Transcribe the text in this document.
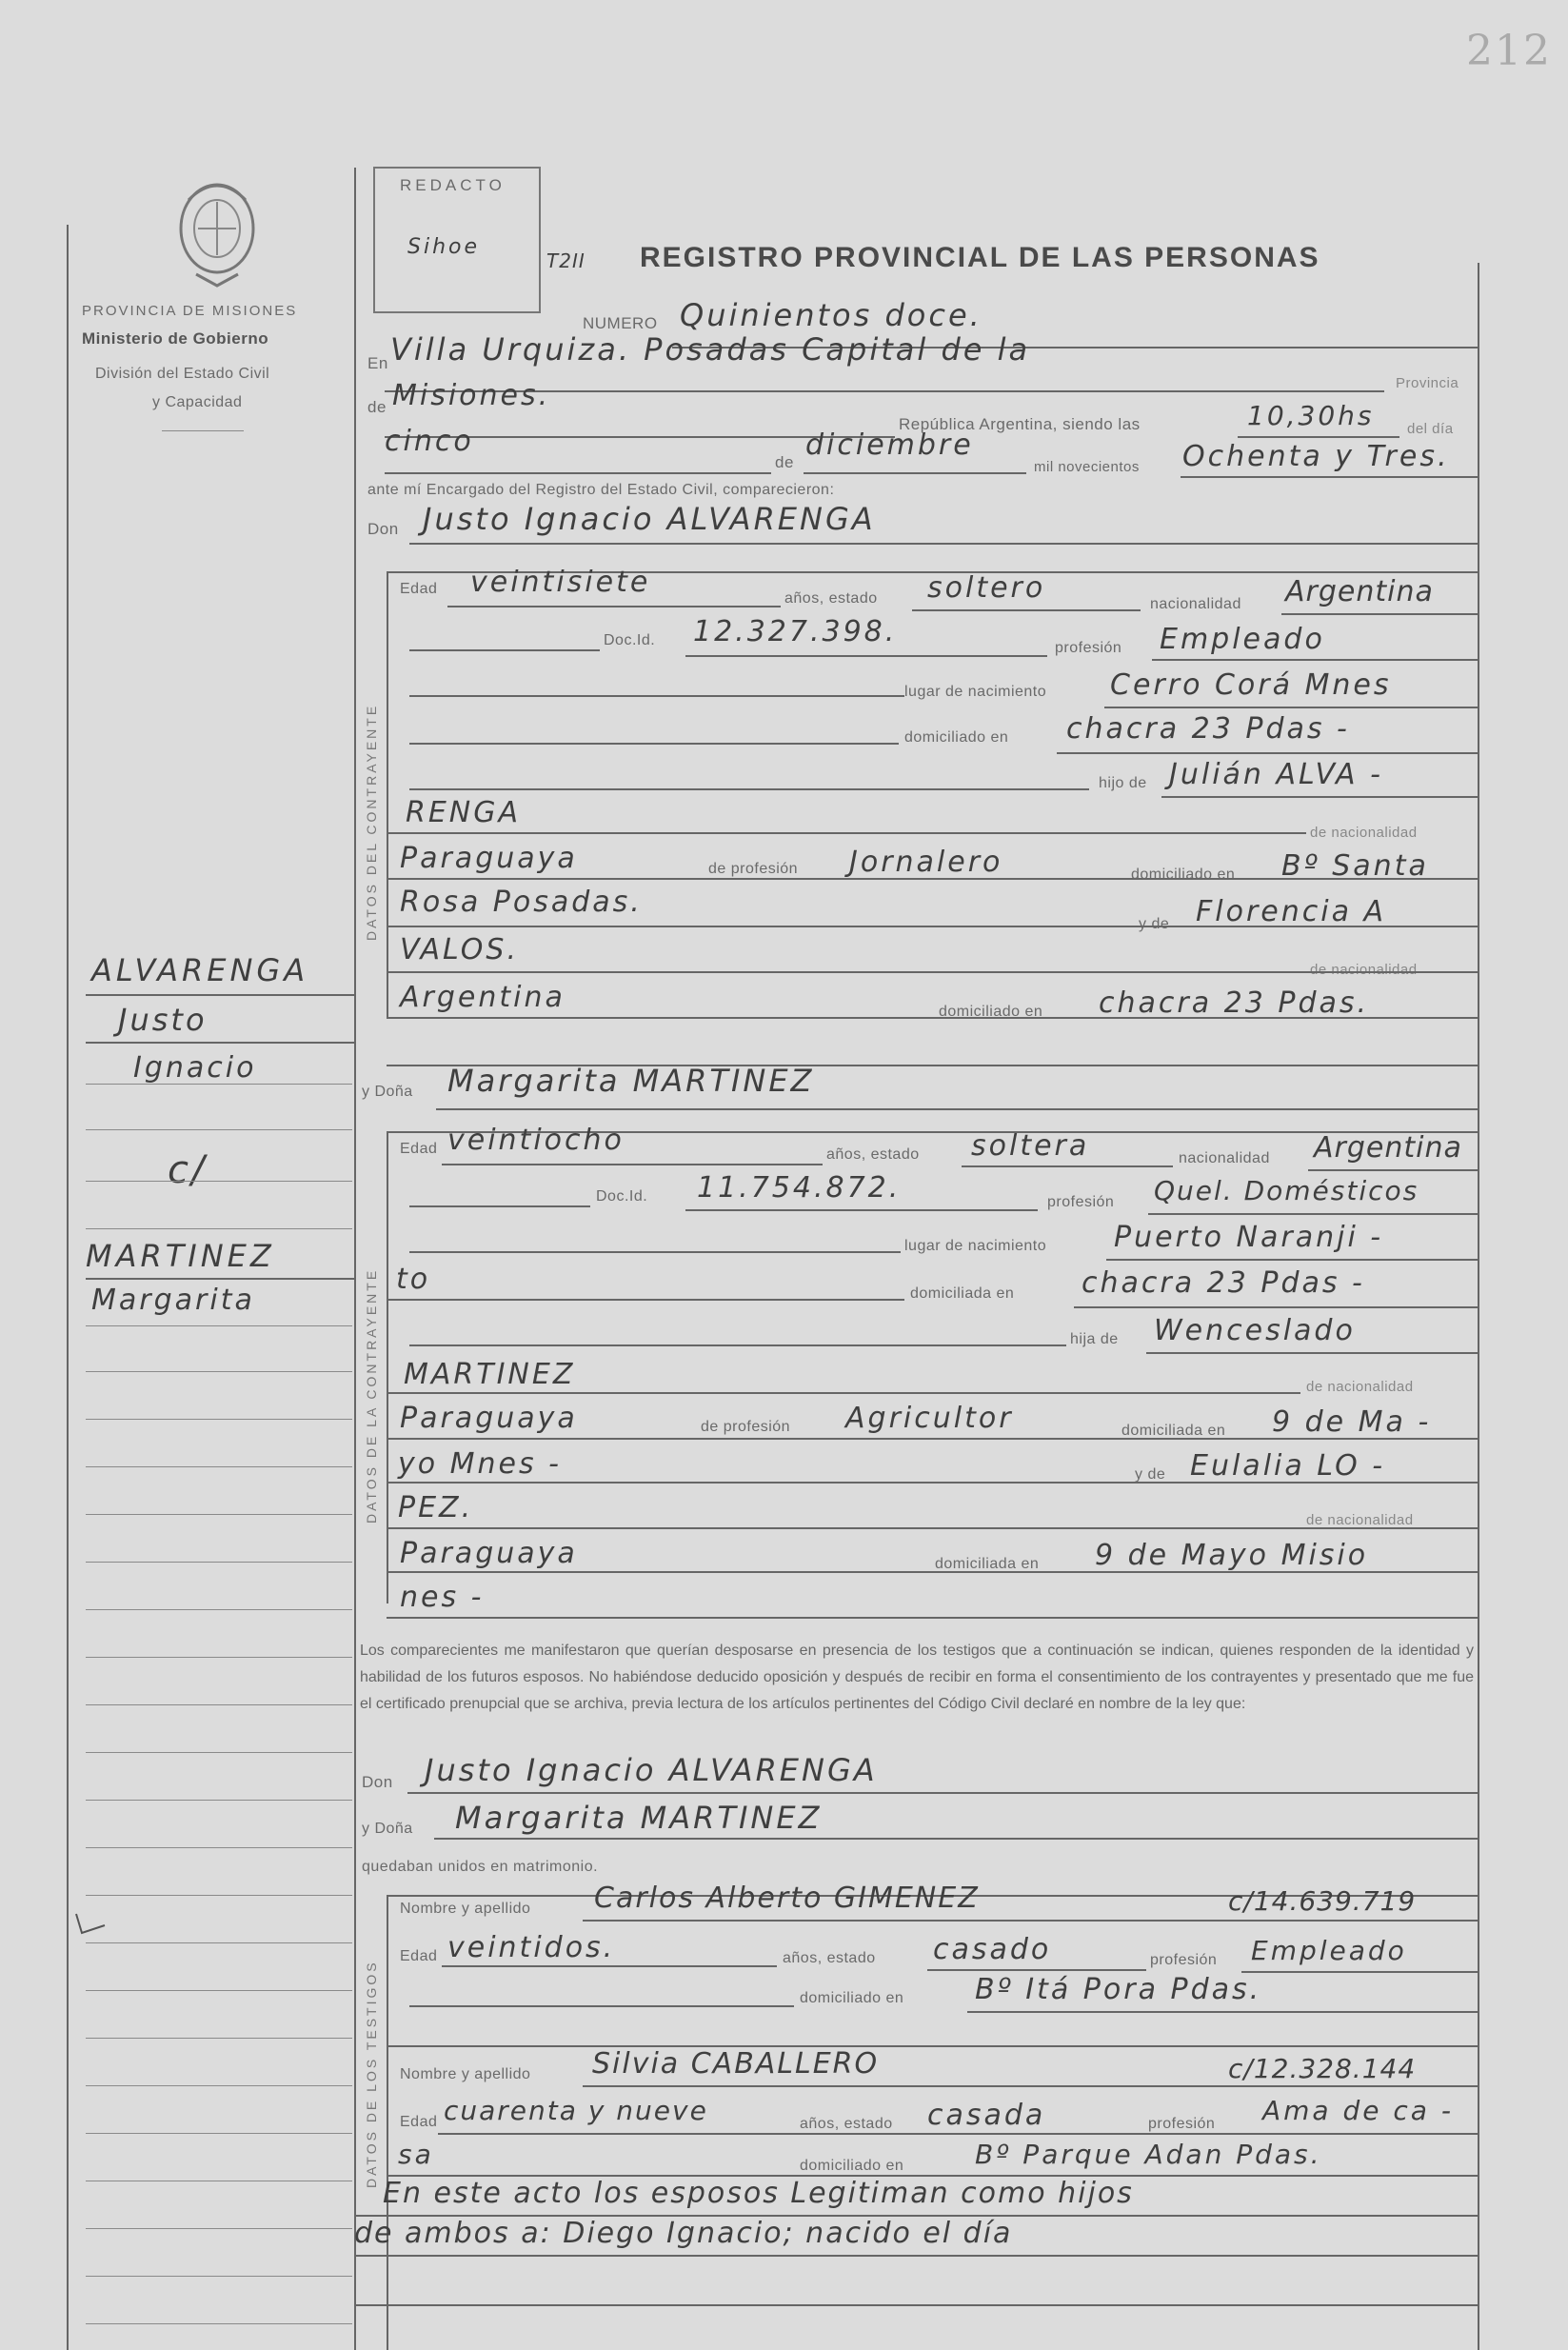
212
PROVINCIA DE MISIONES
Ministerio de Gobierno
División del Estado Civil
y Capacidad
REDACTO
Sihoe
T2II REGISTRO PROVINCIAL DE LAS PERSONAS
NUMERO Quinientos doce.
En Villa Urquiza. Posadas Capital de la
Provincia
de Misiones.
República Argentina, siendo las	10,30hs del día
cinco
de
diciembre
mil novecientos Ochenta y Tres.
ante mí Encargado del Registro del Estado Civil, comparecieron:
Don Justo Ignacio ALVARENGA
DATOS DEL CONTRAYENTE
Edad veintisiete	años, estado soltero	nacionalidad Argentina
Doc.Id. 12.327.398.	profesión Empleado
lugar de nacimiento Cerro Corá Mnes
domiciliado en chacra 23 Pdas -
hijo de Julián ALVA -
RENGA
de nacionalidad
Paraguaya	de profesión Jornalero	domiciliado en Bº Santa
Rosa Posadas.
y de Florencia A
VALOS.
de nacionalidad
Argentina	domiciliado en chacra 23 Pdas.
y Doña Margarita MARTINEZ
DATOS DE LA CONTRAYENTE
Edad veintiocho	años, estado soltera	nacionalidad Argentina
Doc.Id. 11.754.872.	profesión Quel. Domésticos
lugar de nacimiento Puerto Naranji -
to	domiciliada en chacra 23 Pdas -
hija de Wenceslado
MARTINEZ	de nacionalidad
Paraguaya	de profesión Agricultor	domiciliada en 9 de Ma -
yo Mnes -	y de Eulalia LO -
PEZ.	de nacionalidad
Paraguaya	domiciliada en 9 de Mayo Misio
nes -
Los comparecientes me manifestaron que querían desposarse en presencia de los testigos que a continuación se indican, quienes responden de la identidad y habilidad de los futuros esposos. No habiéndose deducido oposición y después de recibir en forma el consentimiento de los contrayentes y presentado que me fue el certificado prenupcial que se archiva, previa lectura de los artículos pertinentes del Código Civil declaré en nombre de la ley que:
Don Justo Ignacio ALVARENGA
y Doña Margarita MARTINEZ
quedaban unidos en matrimonio.
DATOS DE LOS TESTIGOS
Nombre y apellido Carlos Alberto GIMENEZ	c/14.639.719
Edad veintidos.	años, estado casado	profesión Empleado
domiciliado en Bº Itá Pora Pdas.
Nombre y apellido Silvia CABALLERO	c/12.328.144
Edad cuarenta y nueve	años, estado casada	profesión Ama de ca -
sa	domiciliado en	Bº Parque Adan Pdas.
En este acto los esposos Legitiman como hijos
de ambos a: Diego Ignacio; nacido el día
ALVARENGA
Justo
Ignacio
c/
MARTINEZ
Margarita
